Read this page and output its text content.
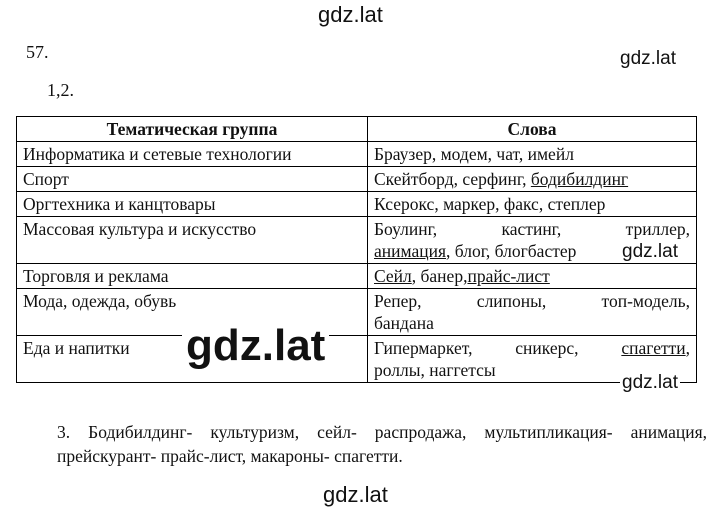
gdz.lat
57.	gdz.lat
1,2.
Тематическая группа	Слова
Информатика и сетевые технологии	Браузер, модем, чат, имейл
Спорт	Скейтборд, серфинг, бодибилдинг
Оргтехника и канцтовары	Ксерокс, маркер, факс, степлер
Массовая культура и искусство	Боулинг, кастинг, триллер,
анимация, блог, блогбастер

Торговля и реклама	Сейл, банер,прайс-лист
Мода, одежда, обувь	Репер, слипоны, топ-модель,
бандана

Еда и напитки	Гипермаркет, сникерс, спагетти,
роллы, наггетсы
gdz.lat
gdz.lat
gdz.lat
3. Бодибилдинг- культуризм, сейл- распродажа, мультипликация- анимация, прейскурант- прайс-лист, макароны- спагетти.
gdz.lat
